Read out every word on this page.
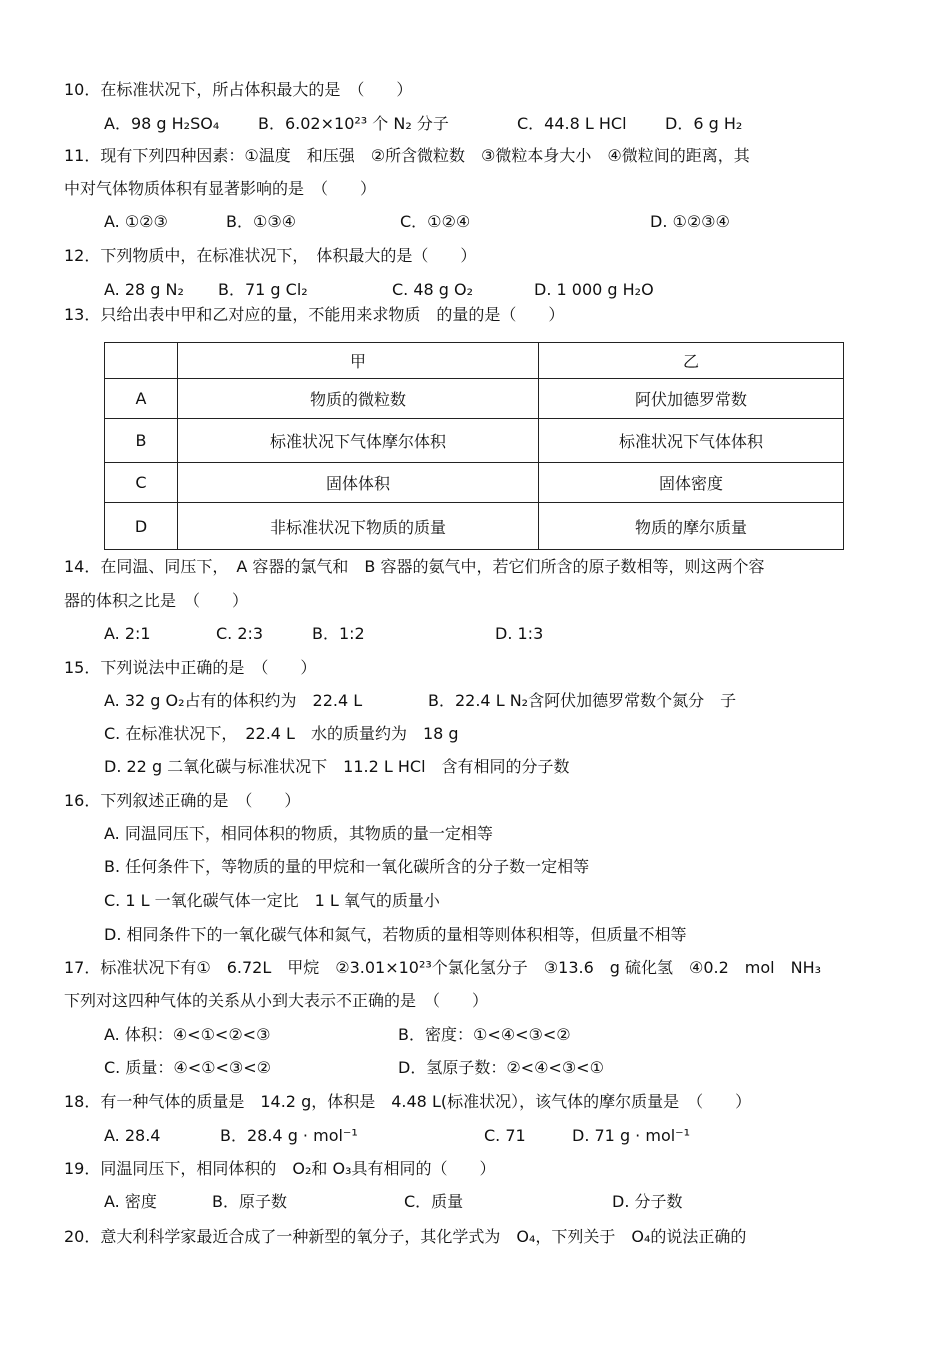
10．在标准状况下，所占体积最大的是　（　　）
A．98 g H₂SO₄ B．6.02×10²³ 个 N₂ 分子	C．44.8 L HCl D．6 g H₂
11．现有下列四种因素：①温度　和压强　②所含微粒数　③微粒本身大小　④微粒间的距离，其
中对气体物质体积有显著影响的是　（　　）
A. ①②③	B．①③④	C．①②④	D. ①②③④
12．下列物质中，在标准状况下，　体积最大的是（　　）
A. 28 g N₂ B．71 g Cl₂	C. 48 g O₂	D. 1 000 g H₂O
13．只给出表中甲和乙对应的量，不能用来求物质　的量的是（　　）
	甲	乙
A	物质的微粒数	阿伏加德罗常数
B	标准状况下气体摩尔体积	标准状况下气体体积
C	固体体积	固体密度
D	非标准状况下物质的质量	物质的摩尔质量
14．在同温、同压下，　A 容器的氯气和　B 容器的氨气中，若它们所含的原子数相等，则这两个容
器的体积之比是　（　　）
A. 2:1	C. 2:3	B．1:2	D. 1:3
15．下列说法中正确的是　（　　）
A. 32 g O₂占有的体积约为　22.4 L	B．22.4 L N₂含阿伏加德罗常数个氮分　子
C. 在标准状况下，　22.4 L　水的质量约为　18 g
D. 22 g 二氧化碳与标准状况下　11.2 L HCl　含有相同的分子数
16．下列叙述正确的是　（　　）
A. 同温同压下，相同体积的物质，其物质的量一定相等
B. 任何条件下，等物质的量的甲烷和一氧化碳所含的分子数一定相等
C. 1 L 一氧化碳气体一定比　1 L 氧气的质量小
D. 相同条件下的一氧化碳气体和氮气，若物质的量相等则体积相等，但质量不相等
17．标准状况下有①　6.72L　甲烷　②3.01×10²³个氯化氢分子　③13.6　g 硫化氢　④0.2　mol　NH₃
下列对这四种气体的关系从小到大表示不正确的是　（　　）
A. 体积：④<①<②<③	B．密度：①<④<③<②
C. 质量：④<①<③<②	D．氢原子数：②<④<③<①
18．有一种气体的质量是　14.2 g，体积是　4.48 L(标准状况），该气体的摩尔质量是　（　　）
A. 28.4	B．28.4 g · mol⁻¹	C. 71	D. 71 g · mol⁻¹
19．同温同压下，相同体积的　O₂和 O₃具有相同的（　　）
A. 密度	B．原子数	C．质量	D. 分子数
20．意大利科学家最近合成了一种新型的氧分子，其化学式为　O₄，下列关于　O₄的说法正确的
